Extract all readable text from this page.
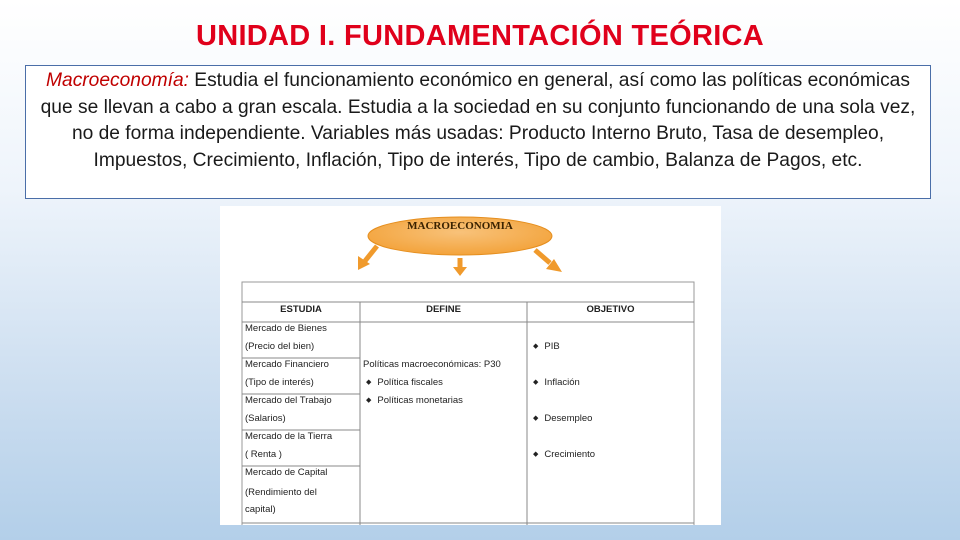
UNIDAD I. FUNDAMENTACIÓN TEÓRICA
Macroeconomía: Estudia el funcionamiento económico en general, así como las políticas económicas que se llevan a cabo a gran escala. Estudia a la sociedad en su conjunto funcionando de una sola vez, no de forma independiente. Variables más usadas: Producto Interno Bruto, Tasa de desempleo, Impuestos, Crecimiento, Inflación, Tipo de interés, Tipo de cambio, Balanza de Pagos, etc.
MACROECONOMIA
ESTUDIA	DEFINE	OBJETIVO
Mercado de Bienes
(Precio del bien)
Mercado Financiero
(Tipo de interés)
Mercado del Trabajo
(Salarios)
Mercado de la Tierra
( Renta )
Mercado de Capital
(Rendimiento del
capital)
Políticas macroeconómicas: P30
◆ Política fiscales
◆ Políticas monetarias
◆ PIB
◆ Inflación
◆ Desempleo
◆ Crecimiento
